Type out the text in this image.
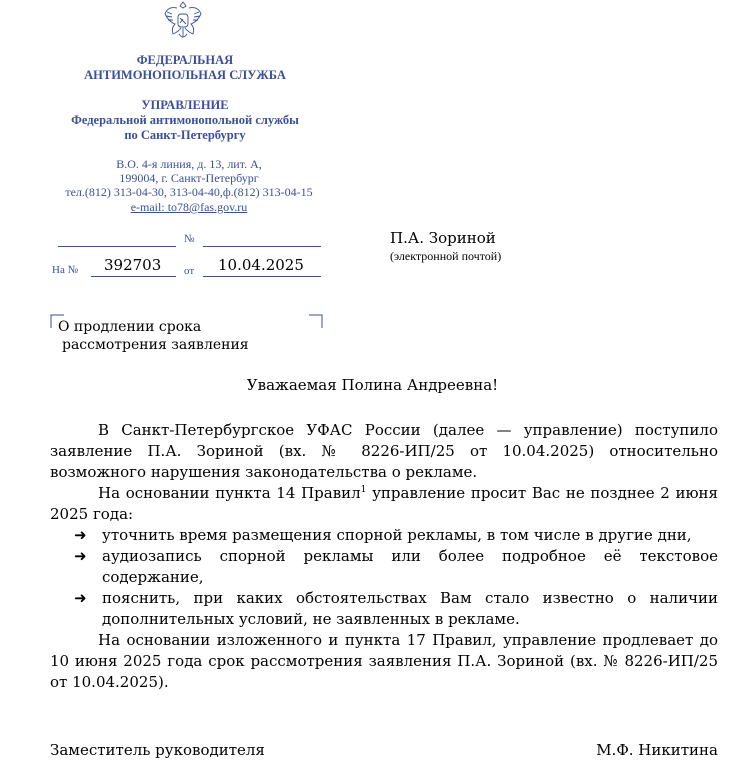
ФЕДЕРАЛЬНАЯ
АНТИМОНОПОЛЬНАЯ СЛУЖБА
УПРАВЛЕНИЕ
Федеральной антимонопольной службы
по Санкт-Петербургу
В.О. 4-я линия, д. 13, лит. А,
199004, г. Санкт-Петербург
тел.(812) 313-04-30, 313-04-40,ф.(812) 313-04-15
e-mail: to78@fas.gov.ru
№
На № 392703 от 10.04.2025
П.А. Зориной
(электронной почтой)
О продлении срока
рассмотрения заявления
Уважаемая Полина Андреевна!

В Санкт-Петербургское УФАС России (далее — управление) поступило заявление П.А. Зориной (вх. № 8226-ИП/25 от 10.04.2025) относительно возможного нарушения законодательства о рекламе.

На основании пункта 14 Правил$^1$ управление просит Вас не позднее 2 июня 2025 года:

➜ уточнить время размещения спорной рекламы, в том числе в другие дни,

➜ аудиозапись спорной рекламы или более подробное её текстовое содержание,

➜ пояснить, при каких обстоятельствах Вам стало известно о наличии дополнительных условий, не заявленных в рекламе.

На основании изложенного и пункта 17 Правил, управление продлевает до 10 июня 2025 года срок рассмотрения заявления П.А. Зориной (вх. № 8226-ИП/25 от 10.04.2025).

Заместитель руководителя	М.Ф. Никитина
